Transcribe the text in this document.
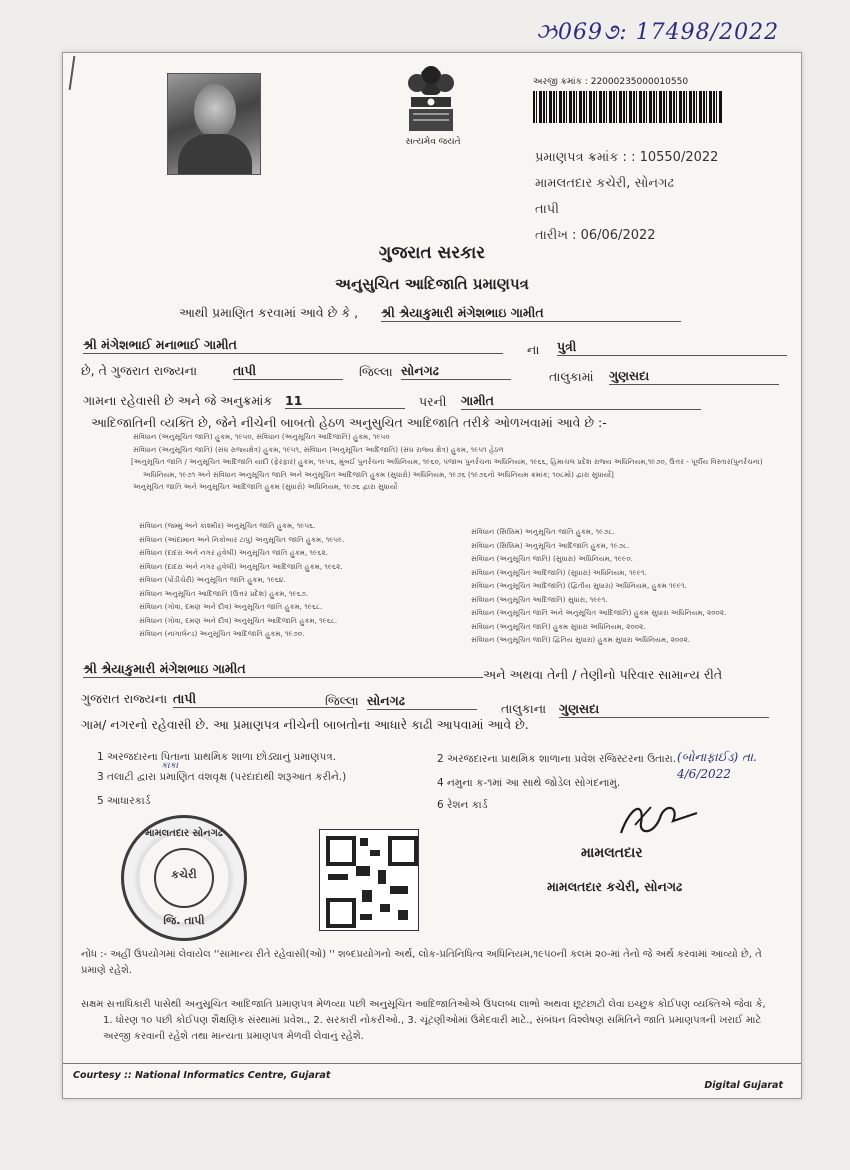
ઝ069૭: 17498/2022
સત્યમેવ જયતે
અરજી ક્રમાંક : 22000235000010550
પ્રમાણપત્ર ક્રમાંક : : 10550/2022
મામલતદાર કચેરી, સોનગઢ
તાપી
તારીખ : 06/06/2022
ગુજરાત સરકાર
અનુસુચિત આદિજાતિ પ્રમાણપત્ર
આથી પ્રમાણિત કરવામાં આવે છે કે , શ્રી શ્રેયાકુમારી મંગેશભાઇ ગામીત
શ્રી મંગેશભાઈ મનાભાઈ ગામીત	ના પુત્રી
છે, તે ગુજરાત રાજ્યના	તાપી	જિલ્લા સોનગઢ	તાલુકામાં ગુણસદા
ગામના રહેવાસી છે અને જે અનુક્રમાંક 11	પરની ગામીત
આદિજાતિની વ્યક્તિ છે, જેને નીચેની બાબતો હેઠળ અનુસુચિત આદિજાતિ તરીકે ઓળખવામાં આવે છે :-
સંવિધાન (અનુસૂચિત જાતિ) હુકમ, ૧૯૫૦, સંવિધાન (અનુસૂચિત આદિજાતિ) હુકમ, ૧૯૫૦
સંવિધાન (અનુસૂચિત જાતિ) (સંઘ રાજ્યક્ષેત્ર) હુકમ, ૧૯૫૧, સંવિધાન (અનુસૂચિત આદિજાતિ) (સંઘ રાજ્ય ક્ષેત્ર) હુકમ, ૧૯૫૧ હેઠળ
[અનુસૂચિત જાતિ / અનુસૂચિત આદિજાતિ યાદી (ફેરફાર) હુકમ, ૧૯૫૬, મુંબઈ પુનર્રચના અધિનિયમ, ૧૯૬૦, પંજાબ પુનર્રચના અધિનિયમ, ૧૯૬૬, હિમાચલ પ્રદેશ રાજ્ય અધિનિયમ,૧૯૭૦, ઉત્તર - પૂર્વીય વિસ્તાર(પુનર્રચના)
અધિનિયમ, ૧૯૭૧ અને સંવિધાન અનુસૂચિત જાતિ અને અનુસૂચિત આદિજાતિ હુકમ (સુધારો) અધિનિયમ, ૧૯૭૬ (૧૯૭૬નો અધિનિયમ ક્રમાંક; ૧૦૮મો) દ્વારા સુધાર્યો]
અનુસૂચિત જાતિ અને અનુસૂચિત આદિજાતિ હુકમ (સુધારો) અધિનિયમ, ૧૯૭૬ દ્વારા સુધાર્યો
સંવિધાન (જમ્મુ અને કાશ્મીર) અનુસૂચિત જાતિ હુકમ, ૧૯૫૬.
સંવિધાન (આંદામાન અને નિકોબાર ટાપુ) અનુસૂચિત જાતિ હુકમ, ૧૯૫૯.
સંવિધાન (દાદરા અને નગર હવેલી) અનુસૂચિત જાતિ હુકમ, ૧૯૬૨.
સંવિધાન (દાદરા અને નગર હવેલી) અનુસૂચિત આદિજાતિ હુકમ, ૧૯૬૨.
સંવિધાન (પોંડીચેરી) અનુસૂચિત જાતિ હુકમ, ૧૯૬૪.
સંવિધાન અનુસૂચિત આદિજાતિ (ઉત્તર પ્રદેશ) હુકમ, ૧૯૬૭.
સંવિધાન (ગોવા, દમણ અને દીવ) અનુસૂચિત જાતિ હુકમ, ૧૯૬૮.
સંવિધાન (ગોવા, દમણ અને દીવ) અનુસૂચિત આદિજાતિ હુકમ, ૧૯૬૮.
સંવિધાન (નાગાલેન્ડ) અનુસૂચિત આદિજાતિ હુકમ, ૧૯૭૦.
સંવિધાન (સિક્કિમ) અનુસૂચિત જાતિ હુકમ, ૧૯૭૮.
સંવિધાન (સિક્કિમ) અનુસૂચિત આદિજાતિ હુકમ, ૧૯૭૮.
સંવિધાન (અનુસૂચિત જાતિ) (સુધારા) અધિનિયમ, ૧૯૯૦.
સંવિધાન (અનુસૂચિત આદિજાતિ) (સુધારા) અધિનિયમ, ૧૯૯૧.
સંવિધાન (અનુસૂચિત આદિજાતિ) (દ્વિતીય સુધારા) અધિનિયમ, હુકમ ૧૯૯૧.
સંવિધાન (અનુસૂચિત આદિજાતિ) સુધારા, ૧૯૯૧.
સંવિધાન (અનુસૂચિત જાતિ અને અનુસૂચિત આદિજાતિ) હુકમ સુધારા અધિનિયમ, ૨૦૦૨.
સંવિધાન (અનુસૂચિત જાતિ) હુકમ સુધારા અધિનિયમ, ૨૦૦૨.
સંવિધાન (અનુસૂચિત જાતિ) દ્વિતિય સુધારા) હુકમ સુધારા અધિનિયમ, ૨૦૦૨.
શ્રી શ્રેયાકુમારી મંગેશભાઇ ગામીત	અને અથવા તેની / તેણીનો પરિવાર સામાન્ય રીતે
ગુજરાત રાજ્યના તાપી	જિલ્લા સોનગઢ
તાલુકાના ગુણસદા
ગામ/ નગરનો રહેવાસી છે. આ પ્રમાણપત્ર નીચેની બાબતોના આધારે કાઢી આપવામાં આવે છે.
1 અરજદારના પિતાના પ્રાથમિક શાળા છોડ્યાનું પ્રમાણપત્ર.	2 અરજદારના પ્રાથમિક શાળાના પ્રવેશ રજિસ્ટરના ઉતારા.
3 તલાટી દ્વારા પ્રમાણિત વંશવૃક્ષ (પરદાદાથી શરૂઆત કરીને.)	4 નમુના ક-૧માં આ સાથે જોડેલ સોગંદનામું.
5 આધારકાર્ડ	6 રેશન કાર્ડ
કાકા
(બોનાફાઈડ) તા. 4/6/2022
મામલતદાર સોનગઢ
કચેરી
જિ. તાપી
મામલતદાર
મામલતદાર કચેરી, સોનગઢ
નોંધ :- અહીં ઉપયોગમાં લેવાયેલ ''સામાન્ય રીતે રહેવાસી(ઓ) '' શબ્દપ્રયોગનો અર્થ, લોક-પ્રતિનિધિત્વ અધિનિયમ,૧૯૫૦ની કલમ ૨૦-માં તેનો જે અર્થ કરવામાં આવ્યો છે, તે પ્રમાણે રહેશે.
સક્ષમ સત્તાધિકારી પાસેથી અનુસૂચિત આદિજાતિ પ્રમાણપત્ર મેળવ્યા પછી અનુસૂચિત આદિજાતિઓએ ઉપલબ્ધ લાભો અથવા છૂટછાટો લેવા ઇચ્છુક કોઈપણ વ્યક્તિએ જેવા કે,
1. ધોરણ ૧૦ પછી કોઈપણ શૈક્ષણિક સંસ્થામાં પ્રવેશ., 2. સરકારી નોકરીઓ., 3. ચૂંટણીઓમાં ઉમેદવારી માટે., સંબંધન વિશ્લેષણ સમિતિને જાતિ પ્રમાણપત્રની ખરાઈ માટે અરજી કરવાની રહેશે તથા માન્યતા પ્રમાણપત્ર મેળવી લેવાનું રહેશે.
Courtesy :: National Informatics Centre, Gujarat
Digital Gujarat
